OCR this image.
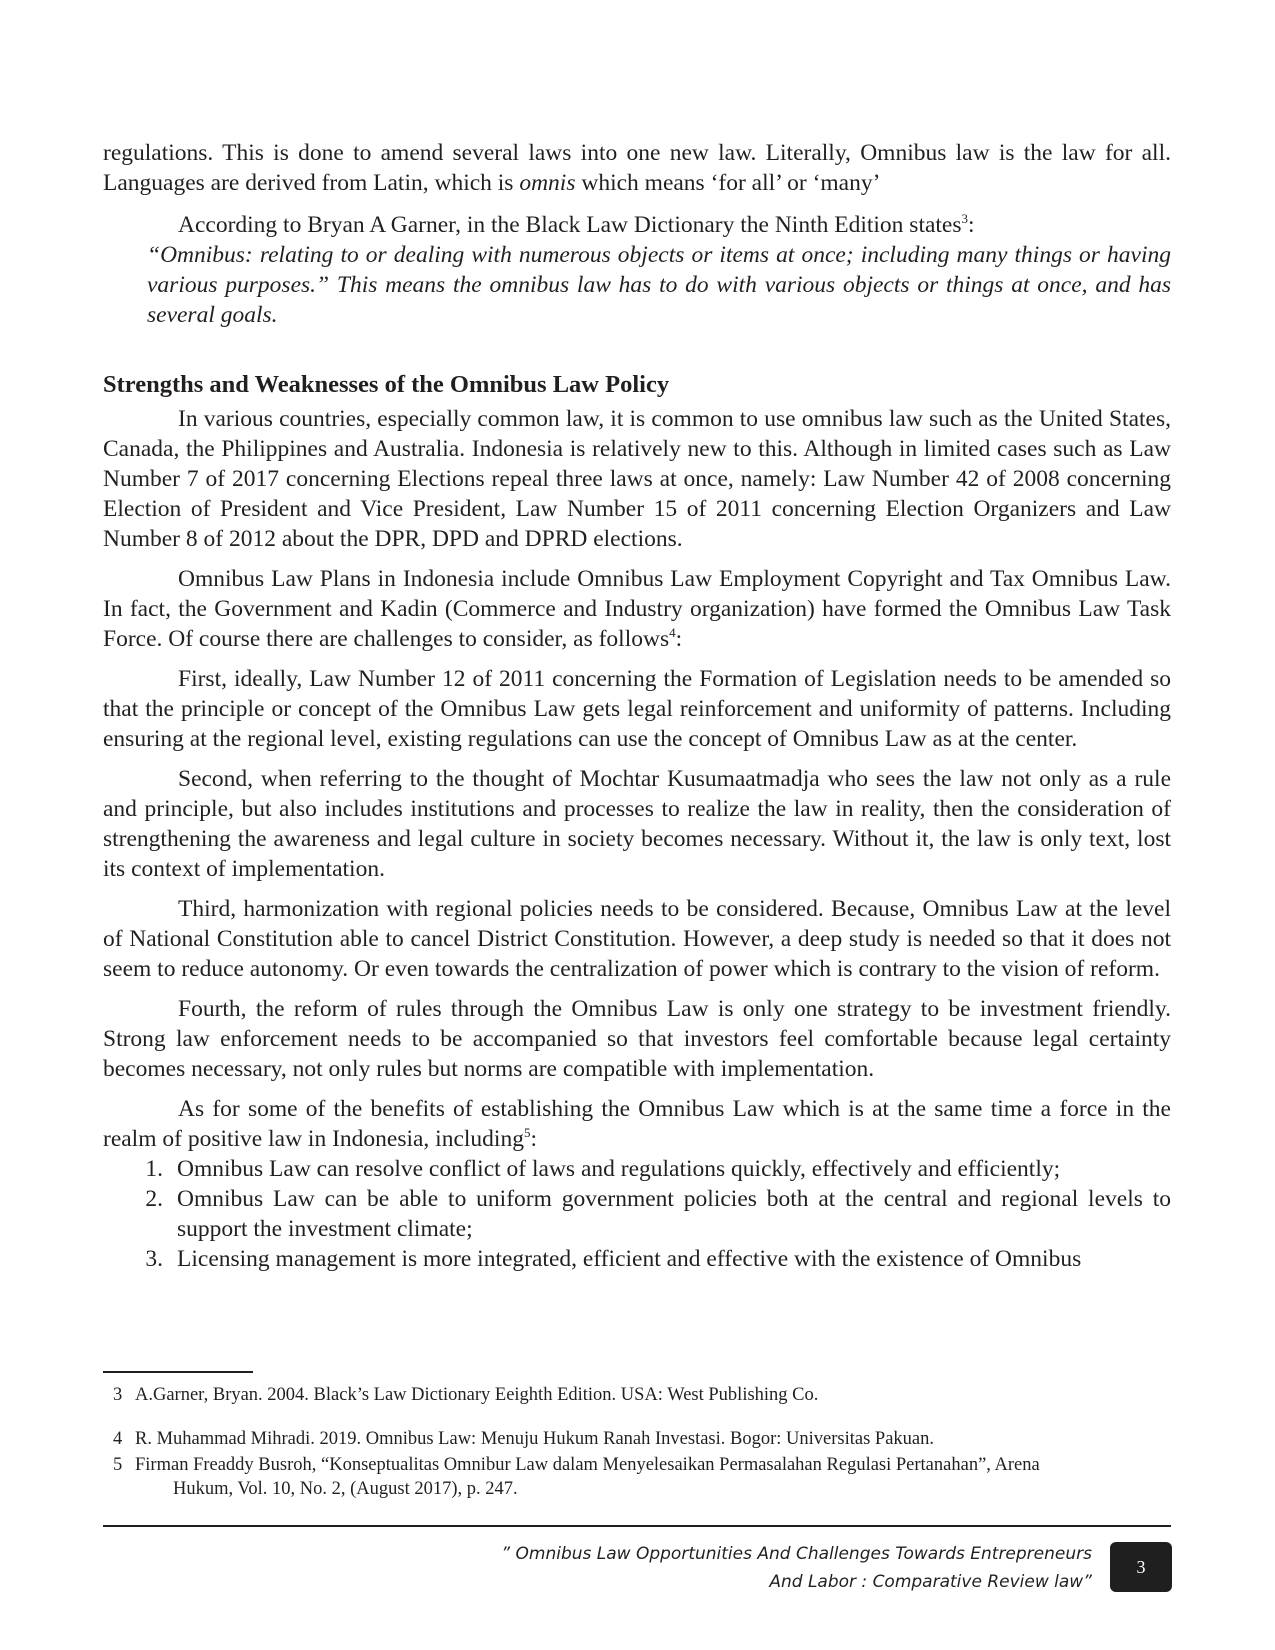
regulations. This is done to amend several laws into one new law. Literally, Omnibus law is the law for all. Languages are derived from Latin, which is omnis which means ‘for all’ or ‘many’

According to Bryan A Garner, in the Black Law Dictionary the Ninth Edition states$^3$:

“Omnibus: relating to or dealing with numerous objects or items at once; including many things or having various purposes.” This means the omnibus law has to do with various objects or things at once, and has several goals.

Strengths and Weaknesses of the Omnibus Law Policy

In various countries, especially common law, it is common to use omnibus law such as the United States, Canada, the Philippines and Australia. Indonesia is relatively new to this. Although in limited cases such as Law Number 7 of 2017 concerning Elections repeal three laws at once, namely: Law Number 42 of 2008 concerning Election of President and Vice President, Law Number 15 of 2011 concerning Election Organizers and Law Number 8 of 2012 about the DPR, DPD and DPRD elections.

Omnibus Law Plans in Indonesia include Omnibus Law Employment Copyright and Tax Omnibus Law. In fact, the Government and Kadin (Commerce and Industry organization) have formed the Omnibus Law Task Force. Of course there are challenges to consider, as follows$^4$:

First, ideally, Law Number 12 of 2011 concerning the Formation of Legislation needs to be amended so that the principle or concept of the Omnibus Law gets legal reinforcement and uniformity of patterns. Including ensuring at the regional level, existing regulations can use the concept of Omnibus Law as at the center.

Second, when referring to the thought of Mochtar Kusumaatmadja who sees the law not only as a rule and principle, but also includes institutions and processes to realize the law in reality, then the consideration of strengthening the awareness and legal culture in society becomes necessary. Without it, the law is only text, lost its context of implementation.

Third, harmonization with regional policies needs to be considered. Because, Omnibus Law at the level of National Constitution able to cancel District Constitution. However, a deep study is needed so that it does not seem to reduce autonomy. Or even towards the centralization of power which is contrary to the vision of reform.

Fourth, the reform of rules through the Omnibus Law is only one strategy to be investment friendly. Strong law enforcement needs to be accompanied so that investors feel comfortable because legal certainty becomes necessary, not only rules but norms are compatible with implementation.

As for some of the benefits of establishing the Omnibus Law which is at the same time a force in the realm of positive law in Indonesia, including$^5$:

1. Omnibus Law can resolve conflict of laws and regulations quickly, effectively and efficiently;
2. Omnibus Law can be able to uniform government policies both at the central and regional levels to support the investment climate;
3. Licensing management is more integrated, efficient and effective with the existence of Omnibus
3 A.Garner, Bryan. 2004. Black’s Law Dictionary Eeighth Edition. USA: West Publishing Co.
4 R. Muhammad Mihradi. 2019. Omnibus Law: Menuju Hukum Ranah Investasi. Bogor: Universitas Pakuan.
5 Firman Freaddy Busroh, “Konseptualitas Omnibur Law dalam Menyelesaikan Permasalahan Regulasi Pertanahan”, Arena
Hukum, Vol. 10, No. 2, (August 2017), p. 247.
” Omnibus Law Opportunities And Challenges Towards Entrepreneurs
And Labor : Comparative Review law”
3
